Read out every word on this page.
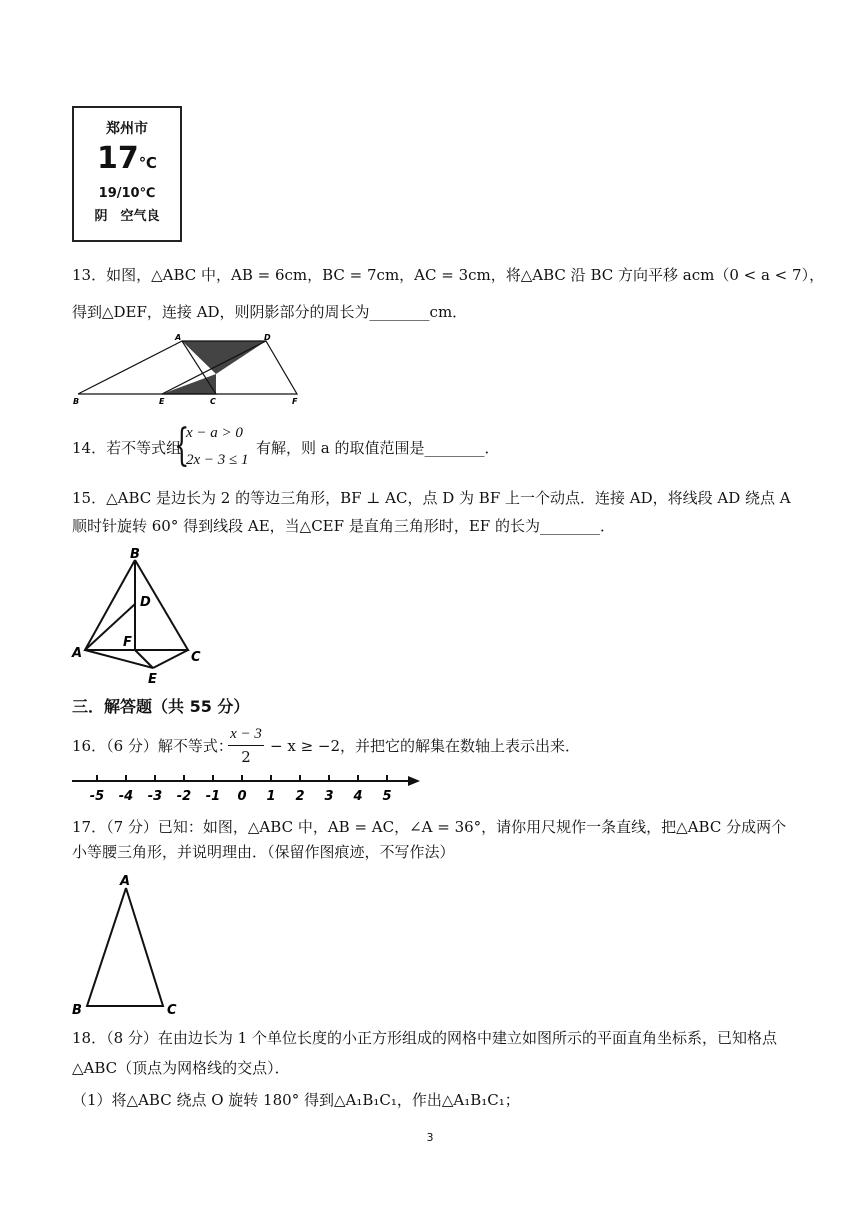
郑州市
17℃
19/10℃
阴　空气良
13．如图，△ABC 中，AB = 6cm，BC = 7cm，AC = 3cm，将△ABC 沿 BC 方向平移 acm（0 < a < 7），
得到△DEF，连接 AD，则阴影部分的周长为________cm．
A	D
B	E	C	F
14．若不等式组
{
x − a > 0
2x − 3 ≤ 1
有解，则 a 的取值范围是________．
15．△ABC 是边长为 2 的等边三角形，BF ⊥ AC，点 D 为 BF 上一个动点．连接 AD，将线段 AD 绕点 A
顺时针旋转 60° 得到线段 AE，当△CEF 是直角三角形时，EF 的长为________．
B
D
F
A	C
E
三．解答题（共 55 分）
16．（6 分）解不等式：
x − 3
2
− x ≥ −2，并把它的解集在数轴上表示出来．
-5 -4 -3 -2 -1 0 1 2 3 4 5
17．（7 分）已知：如图，△ABC 中，AB = AC，∠A = 36°，请你用尺规作一条直线，把△ABC 分成两个
小等腰三角形，并说明理由．（保留作图痕迹，不写作法）
A
B	C
18．（8 分）在由边长为 1 个单位长度的小正方形组成的网格中建立如图所示的平面直角坐标系，已知格点
△ABC（顶点为网格线的交点）．
（1）将△ABC 绕点 O 旋转 180° 得到△A₁B₁C₁，作出△A₁B₁C₁；
3
